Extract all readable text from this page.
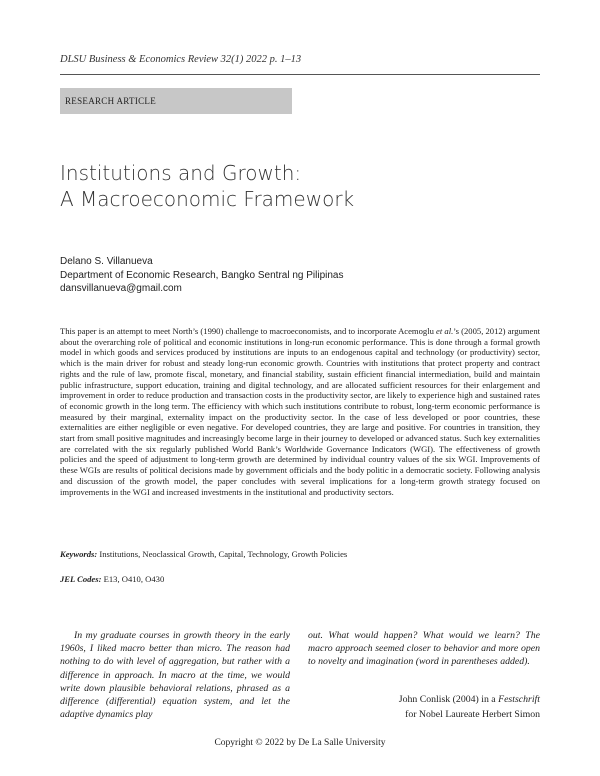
DLSU Business & Economics Review 32(1) 2022 p. 1–13
RESEARCH ARTICLE
Institutions and Growth:
A Macroeconomic Framework
Delano S. Villanueva
Department of Economic Research, Bangko Sentral ng Pilipinas
dansvillanueva@gmail.com
This paper is an attempt to meet North’s (1990) challenge to macroeconomists, and to incorporate Acemoglu et al.’s (2005, 2012) argument about the overarching role of political and economic institutions in long-run economic performance. This is done through a formal growth model in which goods and services produced by institutions are inputs to an endogenous capital and technology (or productivity) sector, which is the main driver for robust and steady long-run economic growth. Countries with institutions that protect property and contract rights and the rule of law, promote fiscal, monetary, and financial stability, sustain efficient financial intermediation, build and maintain public infrastructure, support education, training and digital technology, and are allocated sufficient resources for their enlargement and improvement in order to reduce production and transaction costs in the productivity sector, are likely to experience high and sustained rates of economic growth in the long term. The efficiency with which such institutions contribute to robust, long-term economic performance is measured by their marginal, externality impact on the productivity sector. In the case of less developed or poor countries, these externalities are either negligible or even negative. For developed countries, they are large and positive. For countries in transition, they start from small positive magnitudes and increasingly become large in their journey to developed or advanced status. Such key externalities are correlated with the six regularly published World Bank’s Worldwide Governance Indicators (WGI). The effectiveness of growth policies and the speed of adjustment to long-term growth are determined by individual country values of the six WGI. Improvements of these WGIs are results of political decisions made by government officials and the body politic in a democratic society. Following analysis and discussion of the growth model, the paper concludes with several implications for a long-term growth strategy focused on improvements in the WGI and increased investments in the institutional and productivity sectors.
Keywords: Institutions, Neoclassical Growth, Capital, Technology, Growth Policies
JEL Codes: E13, O410, O430
In my graduate courses in growth theory in the early 1960s, I liked macro better than micro. The reason had nothing to do with level of aggregation, but rather with a difference in approach. In macro at the time, we would write down plausible behavioral relations, phrased as a difference (differential) equation system, and let the adaptive dynamics play
out. What would happen? What would we learn? The macro approach seemed closer to behavior and more open to novelty and imagination (word in parentheses added).
John Conlisk (2004) in a Festschrift
for Nobel Laureate Herbert Simon
Copyright © 2022 by De La Salle University
